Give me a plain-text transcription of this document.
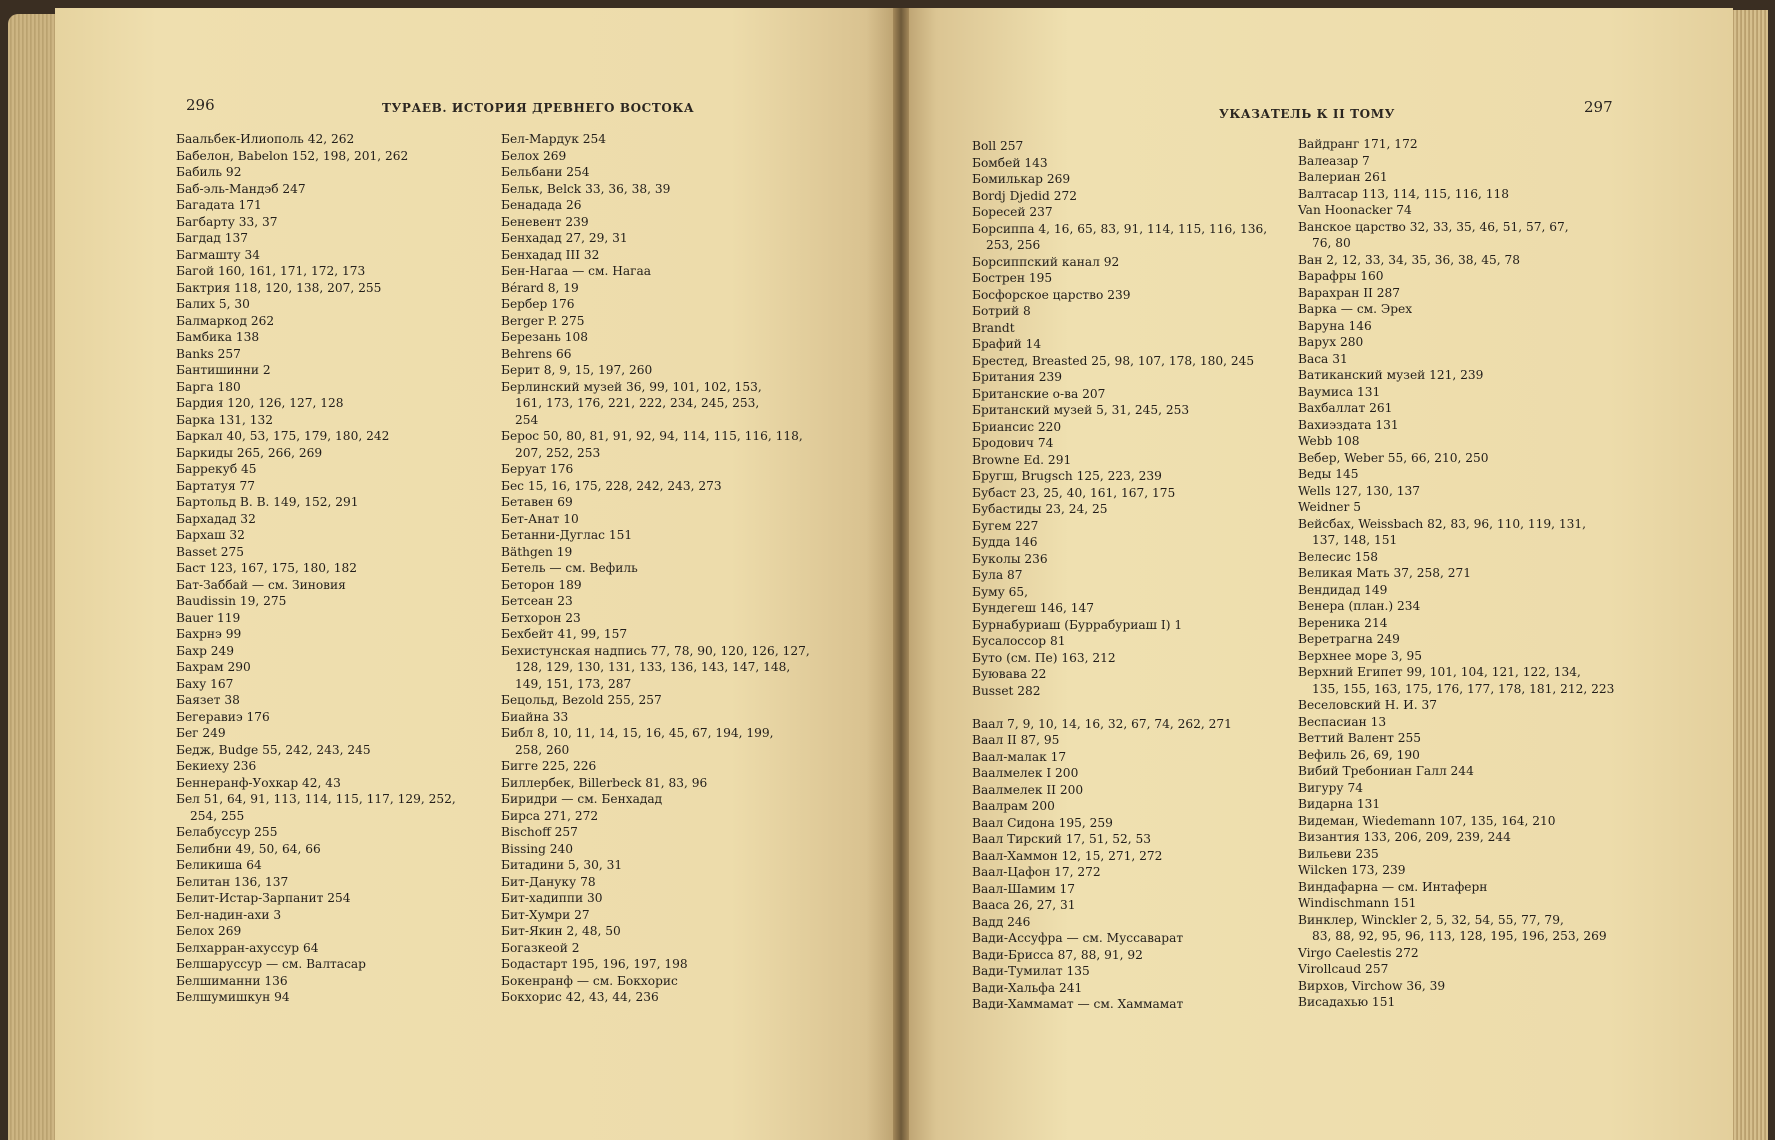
296	ТУРАЕВ. ИСТОРИЯ ДРЕВНЕГО ВОСТОКА	УКАЗАТЕЛЬ К II ТОМУ	297
Баальбек-Илиополь 42, 262
Бабелон, Babelon 152, 198, 201, 262
Бабиль 92
Баб-эль-Мандэб 247
Багадата 171
Багбарту 33, 37
Багдад 137
Багмашту 34
Багой 160, 161, 171, 172, 173
Бактрия 118, 120, 138, 207, 255
Балих 5, 30
Балмаркод 262
Бамбика 138
Banks 257
Бантишинни 2
Барга 180
Бардия 120, 126, 127, 128
Барка 131, 132
Баркал 40, 53, 175, 179, 180, 242
Баркиды 265, 266, 269
Баррекуб 45
Бартатуя 77
Бартольд В. В. 149, 152, 291
Бархадад 32
Бархаш 32
Basset 275
Баст 123, 167, 175, 180, 182
Бат-Заббай — см. Зиновия
Baudissin 19, 275
Bauer 119
Бахрнэ 99
Бахр 249
Бахрам 290
Баху 167
Баязет 38
Бегеравиэ 176
Бег 249
Бедж, Budge 55, 242, 243, 245
Бекиеху 236
Беннеранф-Уохкар 42, 43
Бел 51, 64, 91, 113, 114, 115, 117, 129, 252,
254, 255
Белабуссур 255
Белибни 49, 50, 64, 66
Беликиша 64
Белитан 136, 137
Белит-Истар-Зарпанит 254
Бел-надин-ахи 3
Белох 269
Белхарран-ахуссур 64
Белшаруссур — см. Валтасар
Белшиманни 136
Белшумишкун 94
Бел-Мардук 254
Белох 269
Бельбани 254
Бельк, Belck 33, 36, 38, 39
Бенадада 26
Беневент 239
Бенхадад 27, 29, 31
Бенхадад III 32
Бен-Нагаа — см. Нагаа
Bérard 8, 19
Бербер 176
Berger P. 275
Березань 108
Behrens 66
Берит 8, 9, 15, 197, 260
Берлинский музей 36, 99, 101, 102, 153,
161, 173, 176, 221, 222, 234, 245, 253,
254
Берос 50, 80, 81, 91, 92, 94, 114, 115, 116, 118,
207, 252, 253
Беруат 176
Бес 15, 16, 175, 228, 242, 243, 273
Бетавен 69
Бет-Анат 10
Бетанни-Дуглас 151
Bäthgen 19
Бетель — см. Вефиль
Беторон 189
Бетсеан 23
Бетхорон 23
Бехбейт 41, 99, 157
Бехистунская надпись 77, 78, 90, 120, 126, 127,
128, 129, 130, 131, 133, 136, 143, 147, 148,
149, 151, 173, 287
Бецольд, Bezold 255, 257
Биайна 33
Библ 8, 10, 11, 14, 15, 16, 45, 67, 194, 199,
258, 260
Бигге 225, 226
Биллербек, Billerbeck 81, 83, 96
Биридри — см. Бенхадад
Бирса 271, 272
Bischoff 257
Bissing 240
Битадини 5, 30, 31
Бит-Дануку 78
Бит-хадиппи 30
Бит-Хумри 27
Бит-Якин 2, 48, 50
Богазкеой 2
Бодастарт 195, 196, 197, 198
Бокенранф — см. Бокхорис
Бокхорис 42, 43, 44, 236
Boll 257
Бомбей 143
Бомилькар 269
Bordj Djedid 272
Боресей 237
Борсиппа 4, 16, 65, 83, 91, 114, 115, 116, 136,
253, 256
Борсиппский канал 92
Бострен 195
Босфорское царство 239
Ботрий 8
Brandt
Брафий 14
Брестед, Breasted 25, 98, 107, 178, 180, 245
Британия 239
Британские о-ва 207
Британский музей 5, 31, 245, 253
Бриансис 220
Бродович 74
Browne Ed. 291
Бругш, Brugsch 125, 223, 239
Бубаст 23, 25, 40, 161, 167, 175
Бубастиды 23, 24, 25
Бугем 227
Будда 146
Буколы 236
Була 87
Буму 65,
Бундегеш 146, 147
Бурнабуриаш (Буррабуриаш I) 1
Бусалоссор 81
Буто (см. Пе) 163, 212
Буювава 22
Busset 282
Ваал 7, 9, 10, 14, 16, 32, 67, 74, 262, 271
Ваал II 87, 95
Ваал-малак 17
Ваалмелек I 200
Ваалмелек II 200
Ваалрам 200
Ваал Сидона 195, 259
Ваал Тирский 17, 51, 52, 53
Ваал-Хаммон 12, 15, 271, 272
Ваал-Цафон 17, 272
Ваал-Шамим 17
Вааса 26, 27, 31
Вадд 246
Вади-Ассуфра — см. Муссаварат
Вади-Брисса 87, 88, 91, 92
Вади-Тумилат 135
Вади-Хальфа 241
Вади-Хаммамат — см. Хаммамат
Вайдранг 171, 172
Валеазар 7
Валериан 261
Валтасар 113, 114, 115, 116, 118
Van Hoonacker 74
Ванское царство 32, 33, 35, 46, 51, 57, 67,
76, 80
Ван 2, 12, 33, 34, 35, 36, 38, 45, 78
Варафры 160
Варахран II 287
Варка — см. Эрех
Варуна 146
Варух 280
Васа 31
Ватиканский музей 121, 239
Ваумиса 131
Вахбаллат 261
Вахиэздата 131
Webb 108
Вебер, Weber 55, 66, 210, 250
Веды 145
Wells 127, 130, 137
Weidner 5
Вейсбах, Weissbach 82, 83, 96, 110, 119, 131,
137, 148, 151
Велесис 158
Великая Мать 37, 258, 271
Вендидад 149
Венера (план.) 234
Вереника 214
Веретрагна 249
Верхнее море 3, 95
Верхний Египет 99, 101, 104, 121, 122, 134,
135, 155, 163, 175, 176, 177, 178, 181, 212, 223
Веселовский Н. И. 37
Веспасиан 13
Веттий Валент 255
Вефиль 26, 69, 190
Вибий Требониан Галл 244
Вигуру 74
Видарна 131
Видеман, Wiedemann 107, 135, 164, 210
Византия 133, 206, 209, 239, 244
Вильеви 235
Wilcken 173, 239
Виндафарна — см. Интаферн
Windischmann 151
Винклер, Winckler 2, 5, 32, 54, 55, 77, 79,
83, 88, 92, 95, 96, 113, 128, 195, 196, 253, 269
Virgo Caelestis 272
Virollcaud 257
Вирхов, Virchow 36, 39
Висадахью 151
